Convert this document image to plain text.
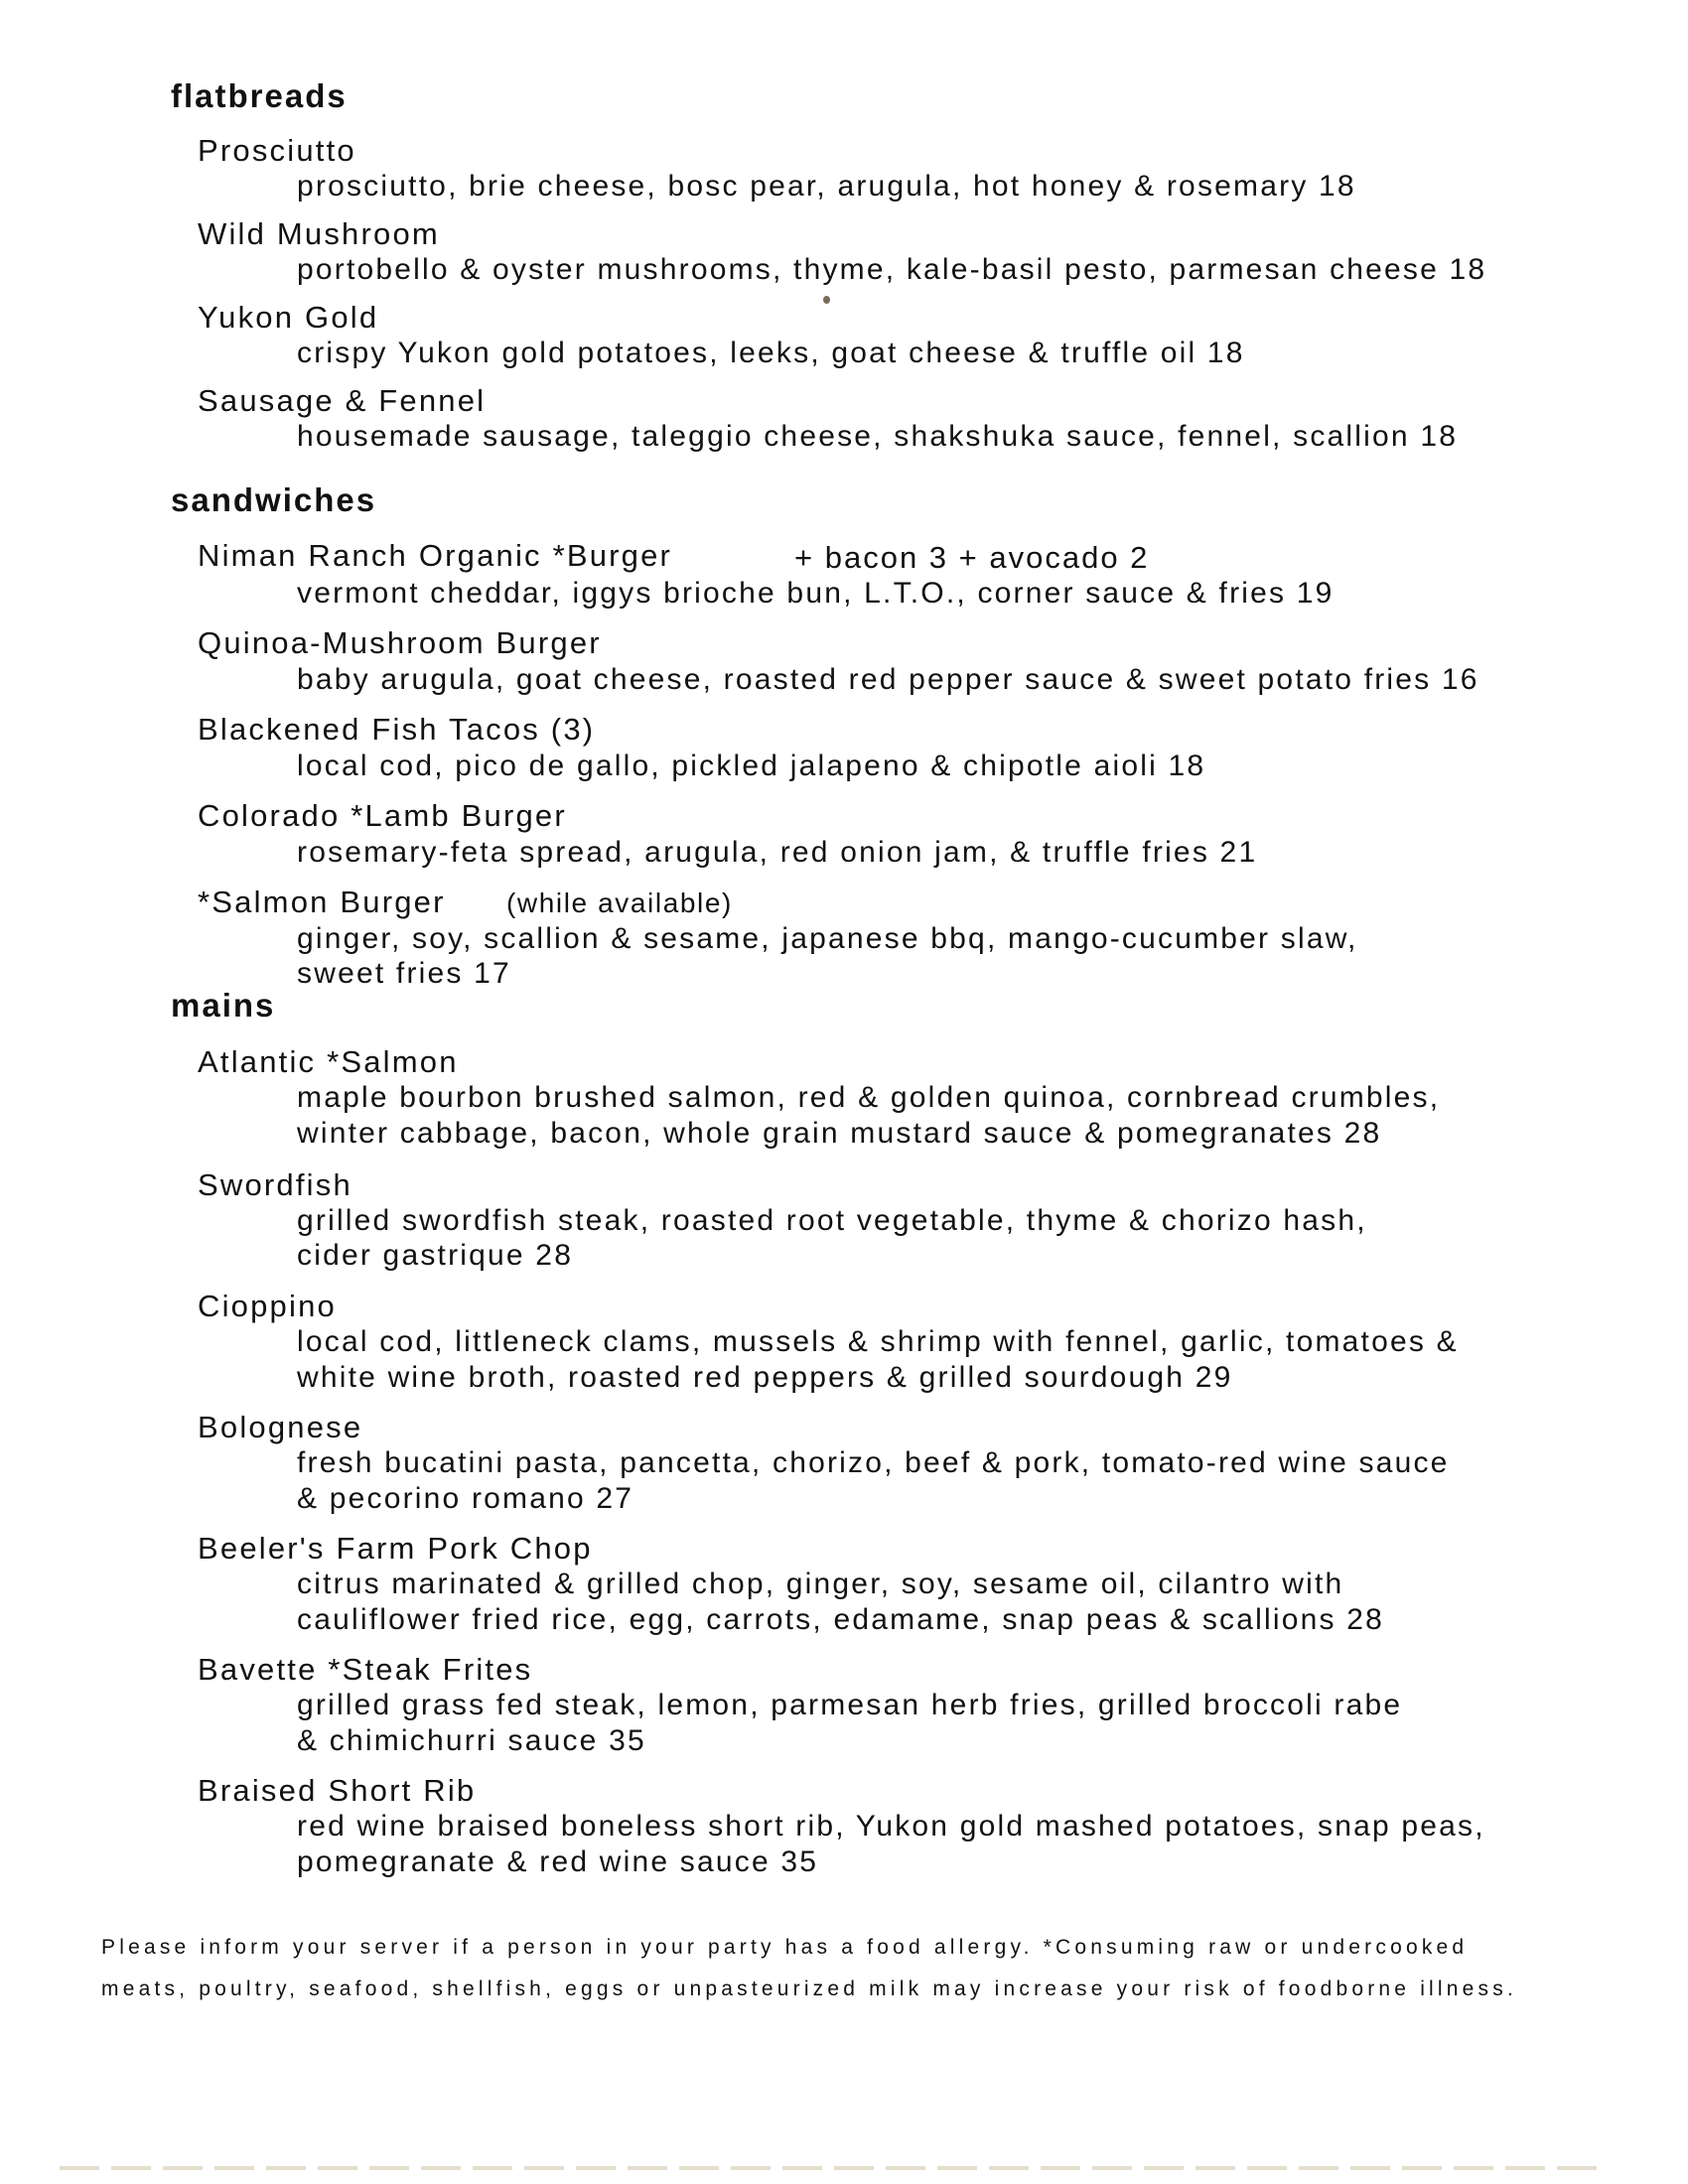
flatbreads
Prosciutto
prosciutto, brie cheese, bosc pear, arugula, hot honey & rosemary 18
Wild Mushroom
portobello & oyster mushrooms, thyme, kale-basil pesto, parmesan cheese 18
Yukon Gold
crispy Yukon gold potatoes, leeks, goat cheese & truffle oil 18
Sausage & Fennel
housemade sausage, taleggio cheese, shakshuka sauce, fennel, scallion 18
sandwiches
Niman Ranch Organic *Burger	+ bacon 3 + avocado 2
vermont cheddar, iggys brioche bun, L.T.O., corner sauce & fries 19
Quinoa-Mushroom Burger
baby arugula, goat cheese, roasted red pepper sauce & sweet potato fries 16
Blackened Fish Tacos (3)
local cod, pico de gallo, pickled jalapeno & chipotle aioli 18
Colorado *Lamb Burger
rosemary-feta spread, arugula, red onion jam, & truffle fries 21
*Salmon Burger (while available)
ginger, soy, scallion & sesame, japanese bbq, mango-cucumber slaw,
sweet fries 17
mains
Atlantic *Salmon
maple bourbon brushed salmon, red & golden quinoa, cornbread crumbles,
winter cabbage, bacon, whole grain mustard sauce & pomegranates 28
Swordfish
grilled swordfish steak, roasted root vegetable, thyme & chorizo hash,
cider gastrique 28
Cioppino
local cod, littleneck clams, mussels & shrimp with fennel, garlic, tomatoes &
white wine broth, roasted red peppers & grilled sourdough 29
Bolognese
fresh bucatini pasta, pancetta, chorizo, beef & pork, tomato-red wine sauce
& pecorino romano 27
Beeler's Farm Pork Chop
citrus marinated & grilled chop, ginger, soy, sesame oil, cilantro with
cauliflower fried rice, egg, carrots, edamame, snap peas & scallions 28
Bavette *Steak Frites
grilled grass fed steak, lemon, parmesan herb fries, grilled broccoli rabe
& chimichurri sauce 35
Braised Short Rib
red wine braised boneless short rib, Yukon gold mashed potatoes, snap peas,
pomegranate & red wine sauce 35
Please inform your server if a person in your party has a food allergy. *Consuming raw or undercooked
meats, poultry, seafood, shellfish, eggs or unpasteurized milk may increase your risk of foodborne illness.
